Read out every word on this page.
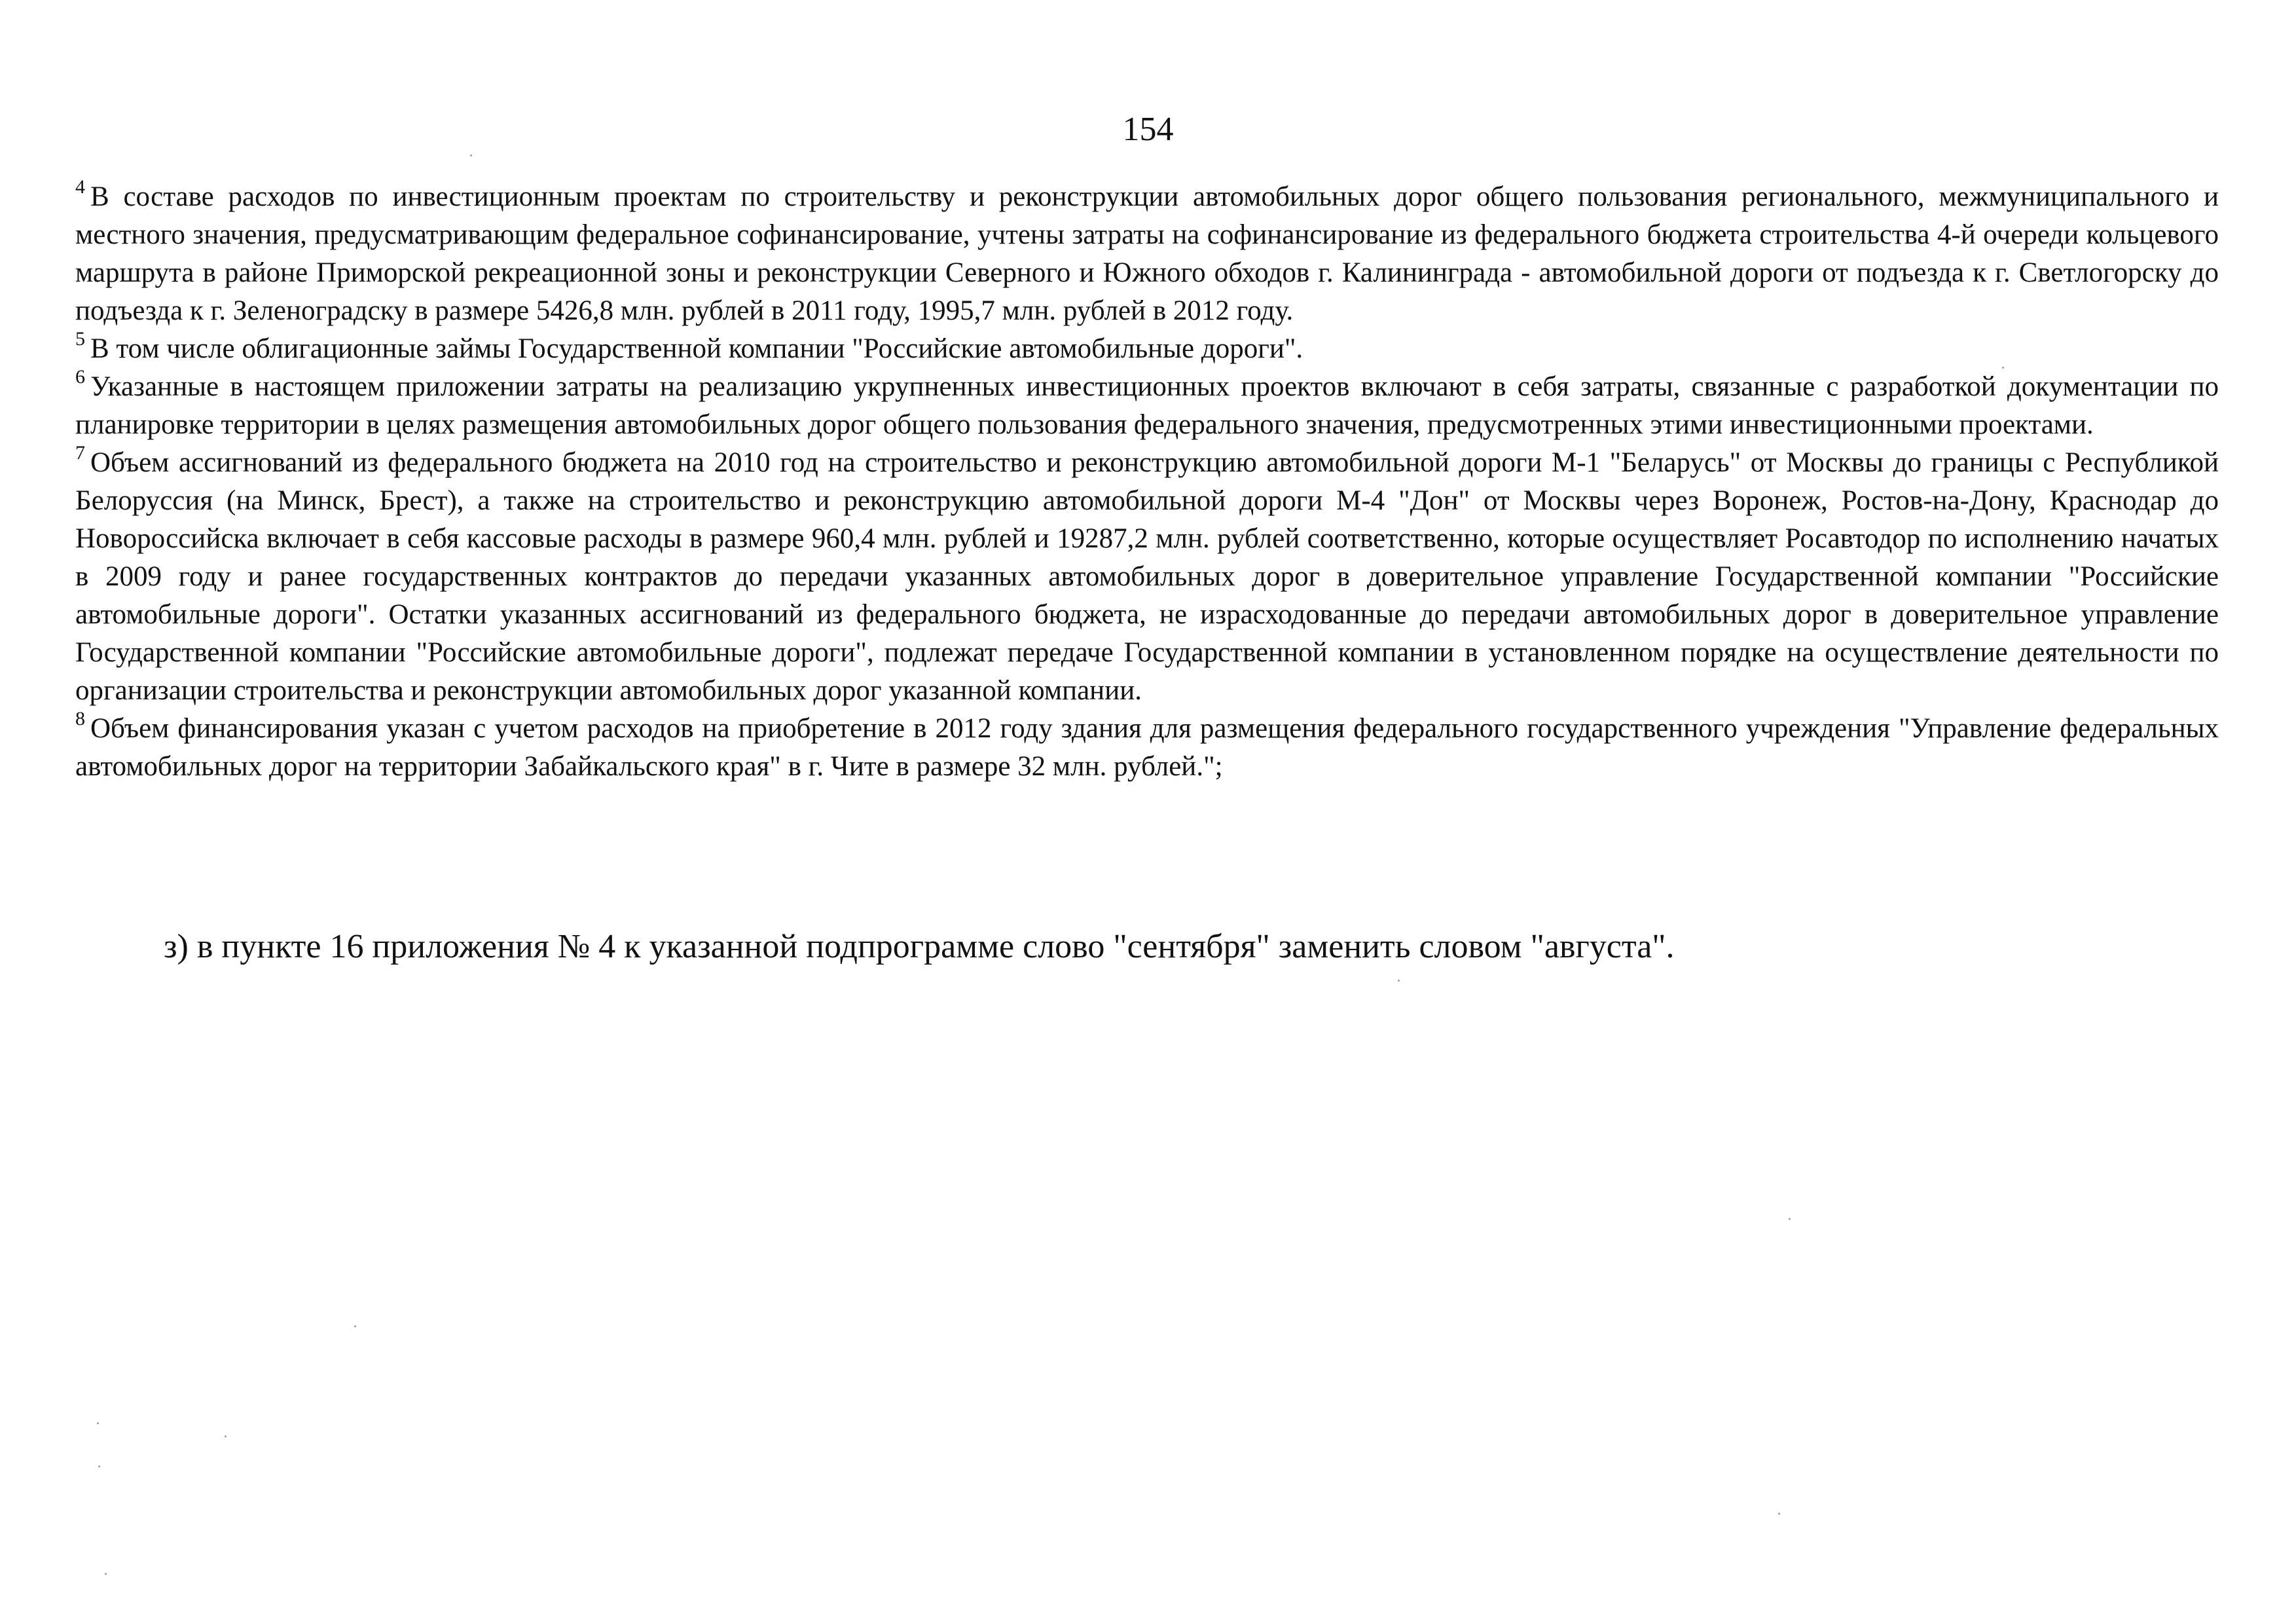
154

$^4$ В составе расходов по инвестиционным проектам по строительству и реконструкции автомобильных дорог общего пользования регионального, межмуниципального и местного значения, предусматривающим федеральное софинансирование, учтены затраты на софинансирование из федерального бюджета строительства 4-й очереди кольцевого маршрута в районе Приморской рекреационной зоны и реконструкции Северного и Южного обходов г. Калининграда - автомобильной дороги от подъезда к г. Светлогорску до подъезда к г. Зеленоградску в размере 5426,8 млн. рублей в 2011 году, 1995,7 млн. рублей в 2012 году.

$^5$ В том числе облигационные займы Государственной компании "Российские автомобильные дороги".

$^6$ Указанные в настоящем приложении затраты на реализацию укрупненных инвестиционных проектов включают в себя затраты, связанные с разработкой документации по планировке территории в целях размещения автомобильных дорог общего пользования федерального значения, предусмотренных этими инвестиционными проектами.

$^7$ Объем ассигнований из федерального бюджета на 2010 год на строительство и реконструкцию автомобильной дороги М-1 "Беларусь" от Москвы до границы с Республикой Белоруссия (на Минск, Брест), а также на строительство и реконструкцию автомобильной дороги М-4 "Дон" от Москвы через Воронеж, Ростов-на-Дону, Краснодар до Новороссийска включает в себя кассовые расходы в размере 960,4 млн. рублей и 19287,2 млн. рублей соответственно, которые осуществляет Росавтодор по исполнению начатых в 2009 году и ранее государственных контрактов до передачи указанных автомобильных дорог в доверительное управление Государственной компании "Российские автомобильные дороги". Остатки указанных ассигнований из федерального бюджета, не израсходованные до передачи автомобильных дорог в доверительное управление Государственной компании "Российские автомобильные дороги", подлежат передаче Государственной компании в установленном порядке на осуществление деятельности по организации строительства и реконструкции автомобильных дорог указанной компании.

$^8$ Объем финансирования указан с учетом расходов на приобретение в 2012 году здания для размещения федерального государственного учреждения "Управление федеральных автомобильных дорог на территории Забайкальского края" в г. Чите в размере 32 млн. рублей.";

з) в пункте 16 приложения № 4 к указанной подпрограмме слово "сентября" заменить словом "августа".
